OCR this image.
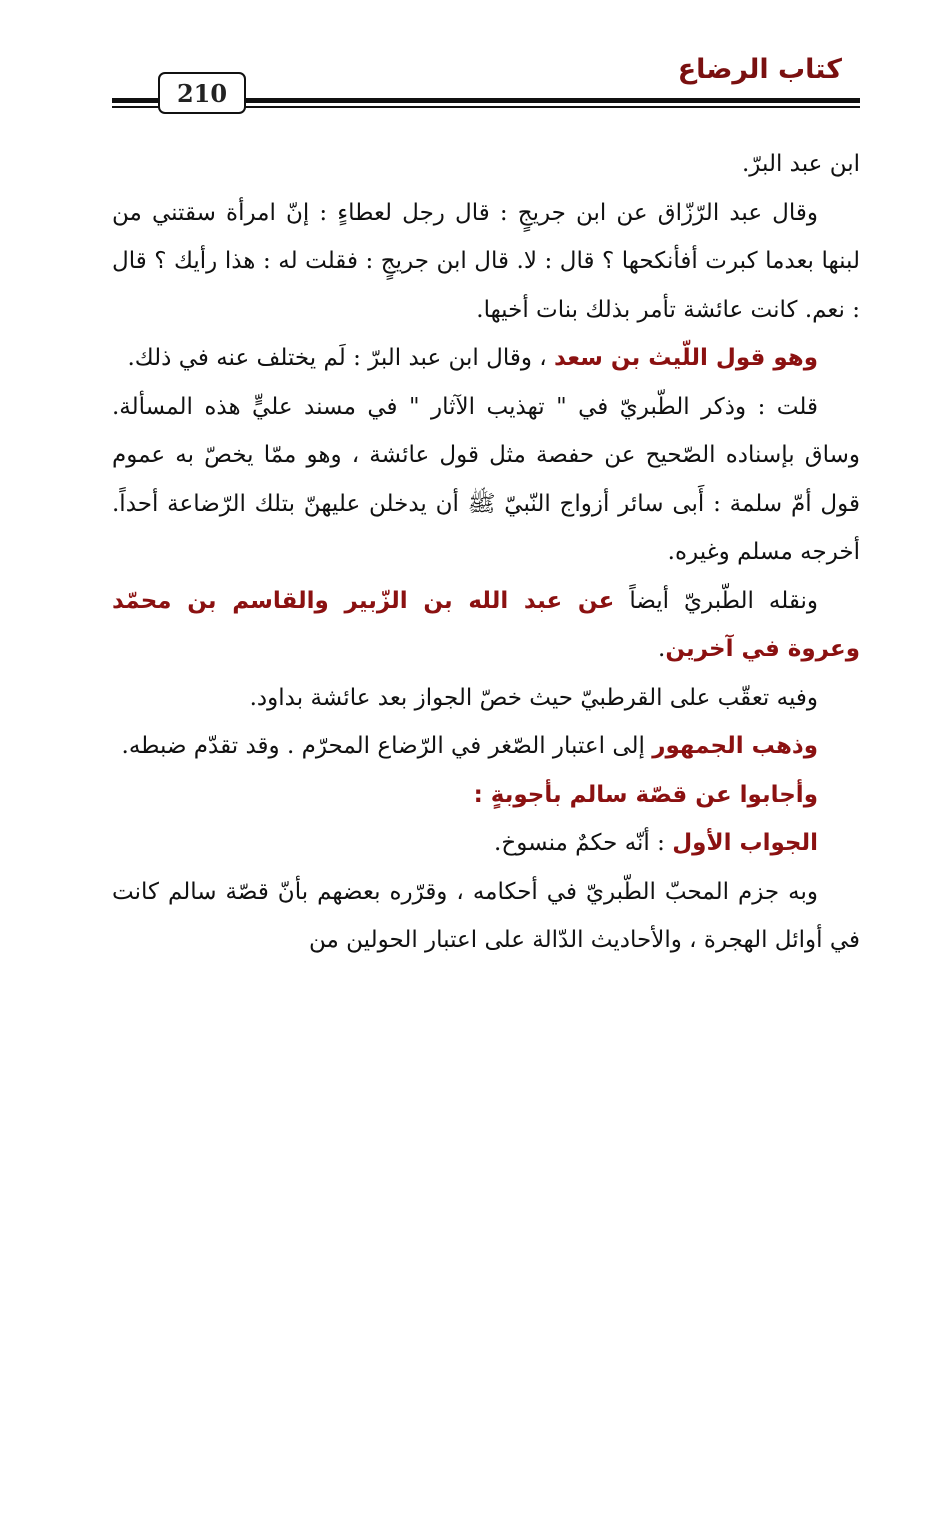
كتاب الرضاع
210

ابن عبد البرّ.

وقال عبد الرّزّاق عن ابن جريجٍ : قال رجل لعطاءٍ : إنّ امرأة سقتني من لبنها بعدما كبرت أفأنكحها ؟ قال : لا. قال ابن جريجٍ : فقلت له : هذا رأيك ؟ قال : نعم. كانت عائشة تأمر بذلك بنات أخيها.

وهو قول اللّيث بن سعد ، وقال ابن عبد البرّ : لَم يختلف عنه في ذلك.

قلت : وذكر الطّبريّ في " تهذيب الآثار " في مسند عليٍّ هذه المسألة. وساق بإسناده الصّحيح عن حفصة مثل قول عائشة ، وهو ممّا يخصّ به عموم قول أمّ سلمة : أَبى سائر أزواج النّبيّ ﷺ أن يدخلن عليهنّ بتلك الرّضاعة أحداً. أخرجه مسلم وغيره.

ونقله الطّبريّ أيضاً عن عبد الله بن الزّبير والقاسم بن محمّد وعروة في آخرين.

وفيه تعقّب على القرطبيّ حيث خصّ الجواز بعد عائشة بداود.

وذهب الجمهور إلى اعتبار الصّغر في الرّضاع المحرّم . وقد تقدّم ضبطه.

وأجابوا عن قصّة سالم بأجوبةٍ :

الجواب الأول : أنّه حكمٌ منسوخ.

وبه جزم المحبّ الطّبريّ في أحكامه ، وقرّره بعضهم بأنّ قصّة سالم كانت في أوائل الهجرة ، والأحاديث الدّالة على اعتبار الحولين من
